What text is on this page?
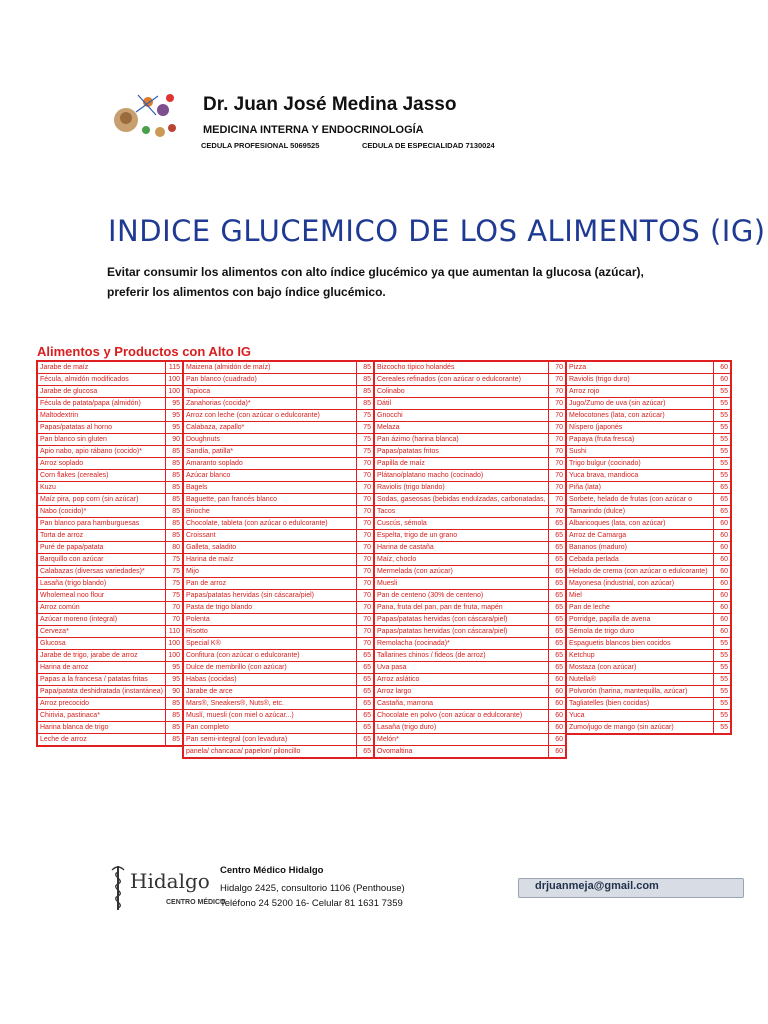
Dr. Juan José Medina Jasso
MEDICINA INTERNA Y ENDOCRINOLOGÍA
CEDULA PROFESIONAL 5069525	CEDULA DE ESPECIALIDAD 7130024
INDICE GLUCEMICO DE LOS ALIMENTOS (IG)
Evitar consumir los alimentos con alto índice glucémico ya que aumentan la glucosa (azúcar), preferir los alimentos con bajo índice glucémico.
Alimentos y Productos con Alto IG
Jarabe de maíz	115
Fécula, almidón modificados	100
Jarabe de glucosa	100
Fécula de patata/papa (almidón)	95
Maltodextrin	95
Papas/patatas al horno	95
Pan blanco sin gluten	90
Apio nabo, apio rábano (cocido)*	85
Arroz soplado	85
Corn flakes (cereales)	85
Kuzu	85
Maíz pira, pop corn (sin azúcar)	85
Nabo (cocido)*	85
Pan blanco para hamburguesas	85
Torta de arroz	85
Puré de papa/patata	80
Barquillo con azúcar	75
Calabazas (diversas variedades)*	75
Lasaña (trigo blando)	75
Wholemeal noo flour	75
Arroz común	70
Azúcar moreno (integral)	70
Cerveza*	110
Glucosa	100
Jarabe de trigo, jarabe de arroz	100
Harina de arroz	95
Papas a la francesa / patatas fritas	95
Papa/patata deshidratada (instantánea)	90
Arroz precocido	85
Chirivia, pastinaca*	85
Harina blanca de trigo	85
Leche de arroz	85
Maizena (almidón de maíz)	85
Pan blanco (cuadrado)	85
Tapioca	85
Zanahorias (cocida)*	85
Arroz con leche (con azúcar o edulcorante)	75
Calabaza, zapallo*	75
Doughnuts	75
Sandía, patilla*	75
Amaranto soplado	70
Azúcar blanco	70
Bagels	70
Baguette, pan francés blanco	70
Brioche	70
Chocolate, tableta (con azúcar o edulcorante)	70
Croissant	70
Galleta, saladito	70
Harina de maíz	70
Mijo	70
Pan de arroz	70
Papas/patatas hervidas (sin cáscara/piel)	70
Pasta de trigo blando	70
Polenta	70
Risotto	70
Special K®	70
Confitura (con azúcar o edulcorante)	65
Dulce de membrillo (con azúcar)	65
Habas (cocidas)	65
Jarabe de arce	65
Mars®, Sneakers®, Nuts®, etc.	65
Muslí, muesli (con miel o azúcar...)	65
Pan completo	65
Pan semi-integral (con levadura)	65
panela/ chancaca/ papelon/ piloncillo	65
Bizcocho típico holandés	70
Cereales refinados (con azúcar o edulcorante)	70
Colinabo	70
Dátil	70
Gnocchi	70
Melaza	70
Pan ázimo (harina blanca)	70
Papas/patatas fritos	70
Papilla de maíz	70
Plátano/platano macho (cocinado)	70
Raviolis (trigo blando)	70
Sodas, gaseosas (bebidas endulzadas, carbonatadas,	70
Tacos	70
Cuscús, sémola	65
Espelta, trigo de un grano	65
Harina de castaña	65
Maíz, choclo	65
Mermelada (con azúcar)	65
Muesli	65
Pan de centeno (30% de centeno)	65
Pana, fruta del pan, pan de fruta, mapén	65
Papas/patatas hervidas (con cáscara/piel)	65
Papas/patatas hervidas (con cáscara/piel)	65
Remolacha (cocinada)*	65
Tallarines chinos / fideos (de arroz)	65
Uva pasa	65
Arroz aslático	60
Arroz largo	60
Castaña, marrona	60
Chocolate en polvo (con azúcar o edulcorante)	60
Lasaña (trigo duro)	60
Melón*	60
Ovomaltina	60
Pizza	60
Raviolis (trigo duro)	60
Arroz rojo	55
Jugo/Zumo de uva (sin azúcar)	55
Melocotones (lata, con azúcar)	55
Níspero (japonés	55
Papaya (fruta fresca)	55
Sushi	55
Trigo bulgur (cocinado)	55
Yuca brava, mandioca	55
Piña (lata)	65
Sorbete, helado de frutas (con azúcar o	65
Tamarindo (dulce)	65
Albaricoques (lata, con azúcar)	60
Arroz de Camarga	60
Bananos (maduro)	60
Cebada perlada	60
Helado de crema (con azúcar o edulcorante)	60
Mayonesa (industrial, con azúcar)	60
Miel	60
Pan de leche	60
Porridge, papilla de avena	60
Sémola de trigo duro	60
Espaguetis blancos bien cocidos	55
Ketchup	55
Mostaza (con azúcar)	55
Nutella®	55
Polvorón (harina, mantequilla, azúcar)	55
Tagliatelles (bien cocidas)	55
Yuca	55
Zumo/jugo de mango (sin azúcar)	55
Hidalgo
CENTRO MÉDICO
Centro Médico Hidalgo
Hidalgo 2425, consultorio 1106 (Penthouse)
Teléfono 24 5200 16- Celular 81 1631 7359
drjuanmeja@gmail.com
